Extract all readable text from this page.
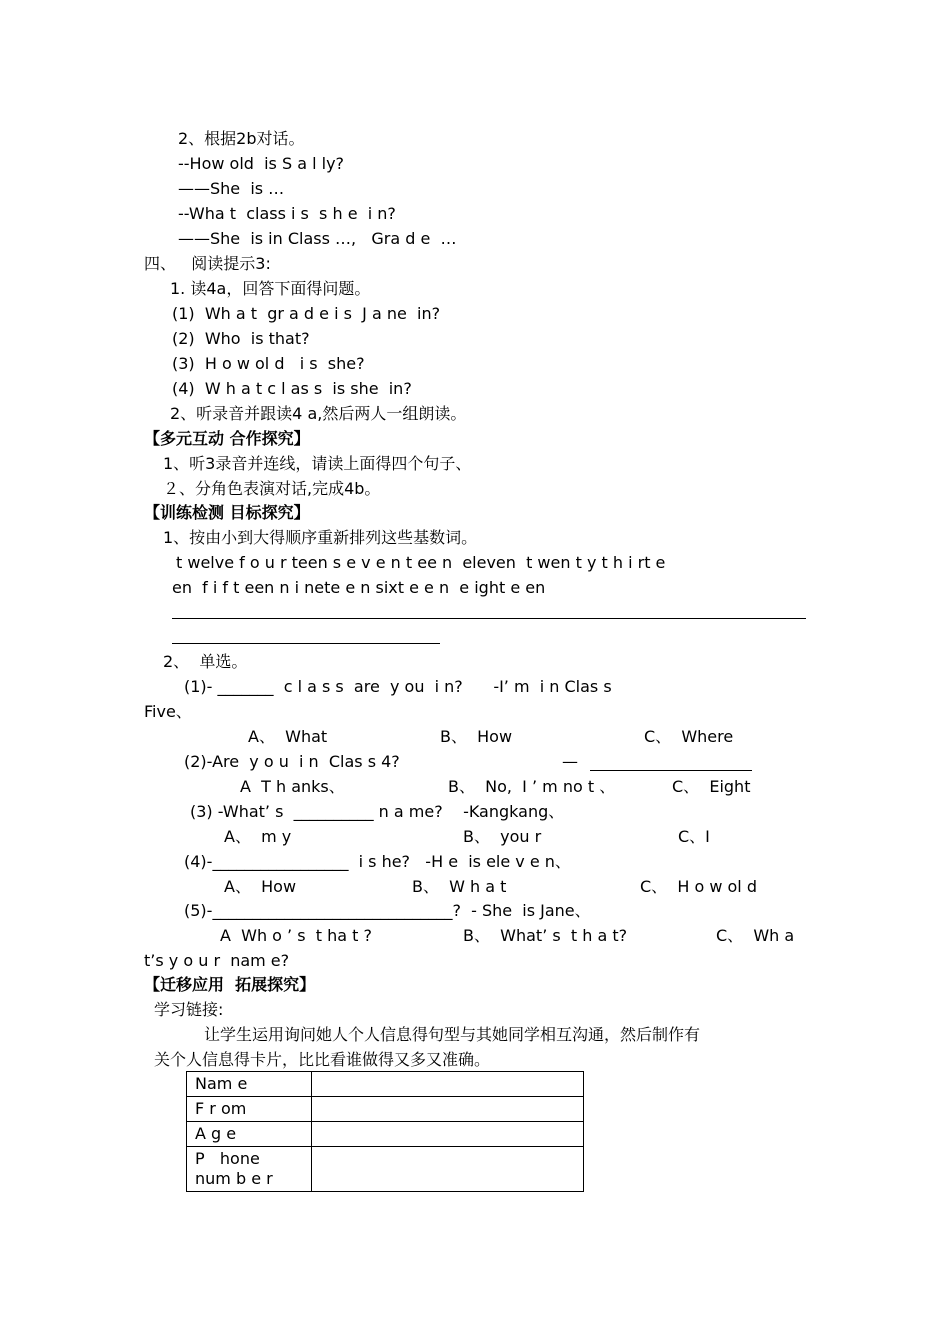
2、根据2b对话。
--How old  is S a l ly?
——She  is …
--Wha t  class i s  s h e  i n?
——She  is in Class …,   Gra d e  …
四、   阅读提示3:
1. 读4a，回答下面得问题。
(1)  Wh a t  gr a d e i s  J a ne  in?
(2)  Who  is that?
(3)  H o w ol d   i s  she?
(4)  W h a t c l as s  is she  in?
2、听录音并跟读4 a,然后两人一组朗读。
【多元互动 合作探究】
1、听3录音并连线，请读上面得四个句子、
２、分角色表演对话,完成4b。
【训练检测 目标探究】
1、按由小到大得顺序重新排列这些基数词。
t welve f o u r teen s e v e n t ee n  eleven  t wen t y t h i rt e
en  f i f t een n i nete e n sixt e e n  e ight e en
2、  单选。
(1)- _______  c l a s s  are  y ou  i n?      -I’ m  i n Clas s
Five、
A、  What	B、  How	C、  Where
(2)-Are  y o u  i n  Clas s 4?	—
A  T h anks、	B、  No,  I ’ m no t 、	C、  Eight
(3) -What’ s  __________ n a me?    -Kangkang、
A、  m y	B、  you r	C、I
(4)-_________________  i s he?   -H e  is ele v e n、
A、  How	B、  W h a t	C、  H o w ol d
(5)-______________________________?  - She  is Jane、
A  Wh o ’ s  t ha t ?	B、  What’ s  t h a t?	C、  Wh a
t’s y o u r  nam e?
【迁移应用  拓展探究】
学习链接:
让学生运用询问她人个人信息得句型与其她同学相互沟通，然后制作有
关个人信息得卡片，比比看谁做得又多又准确。
Nam e	
F r om	
A g e	
P   hone
num b e r	
